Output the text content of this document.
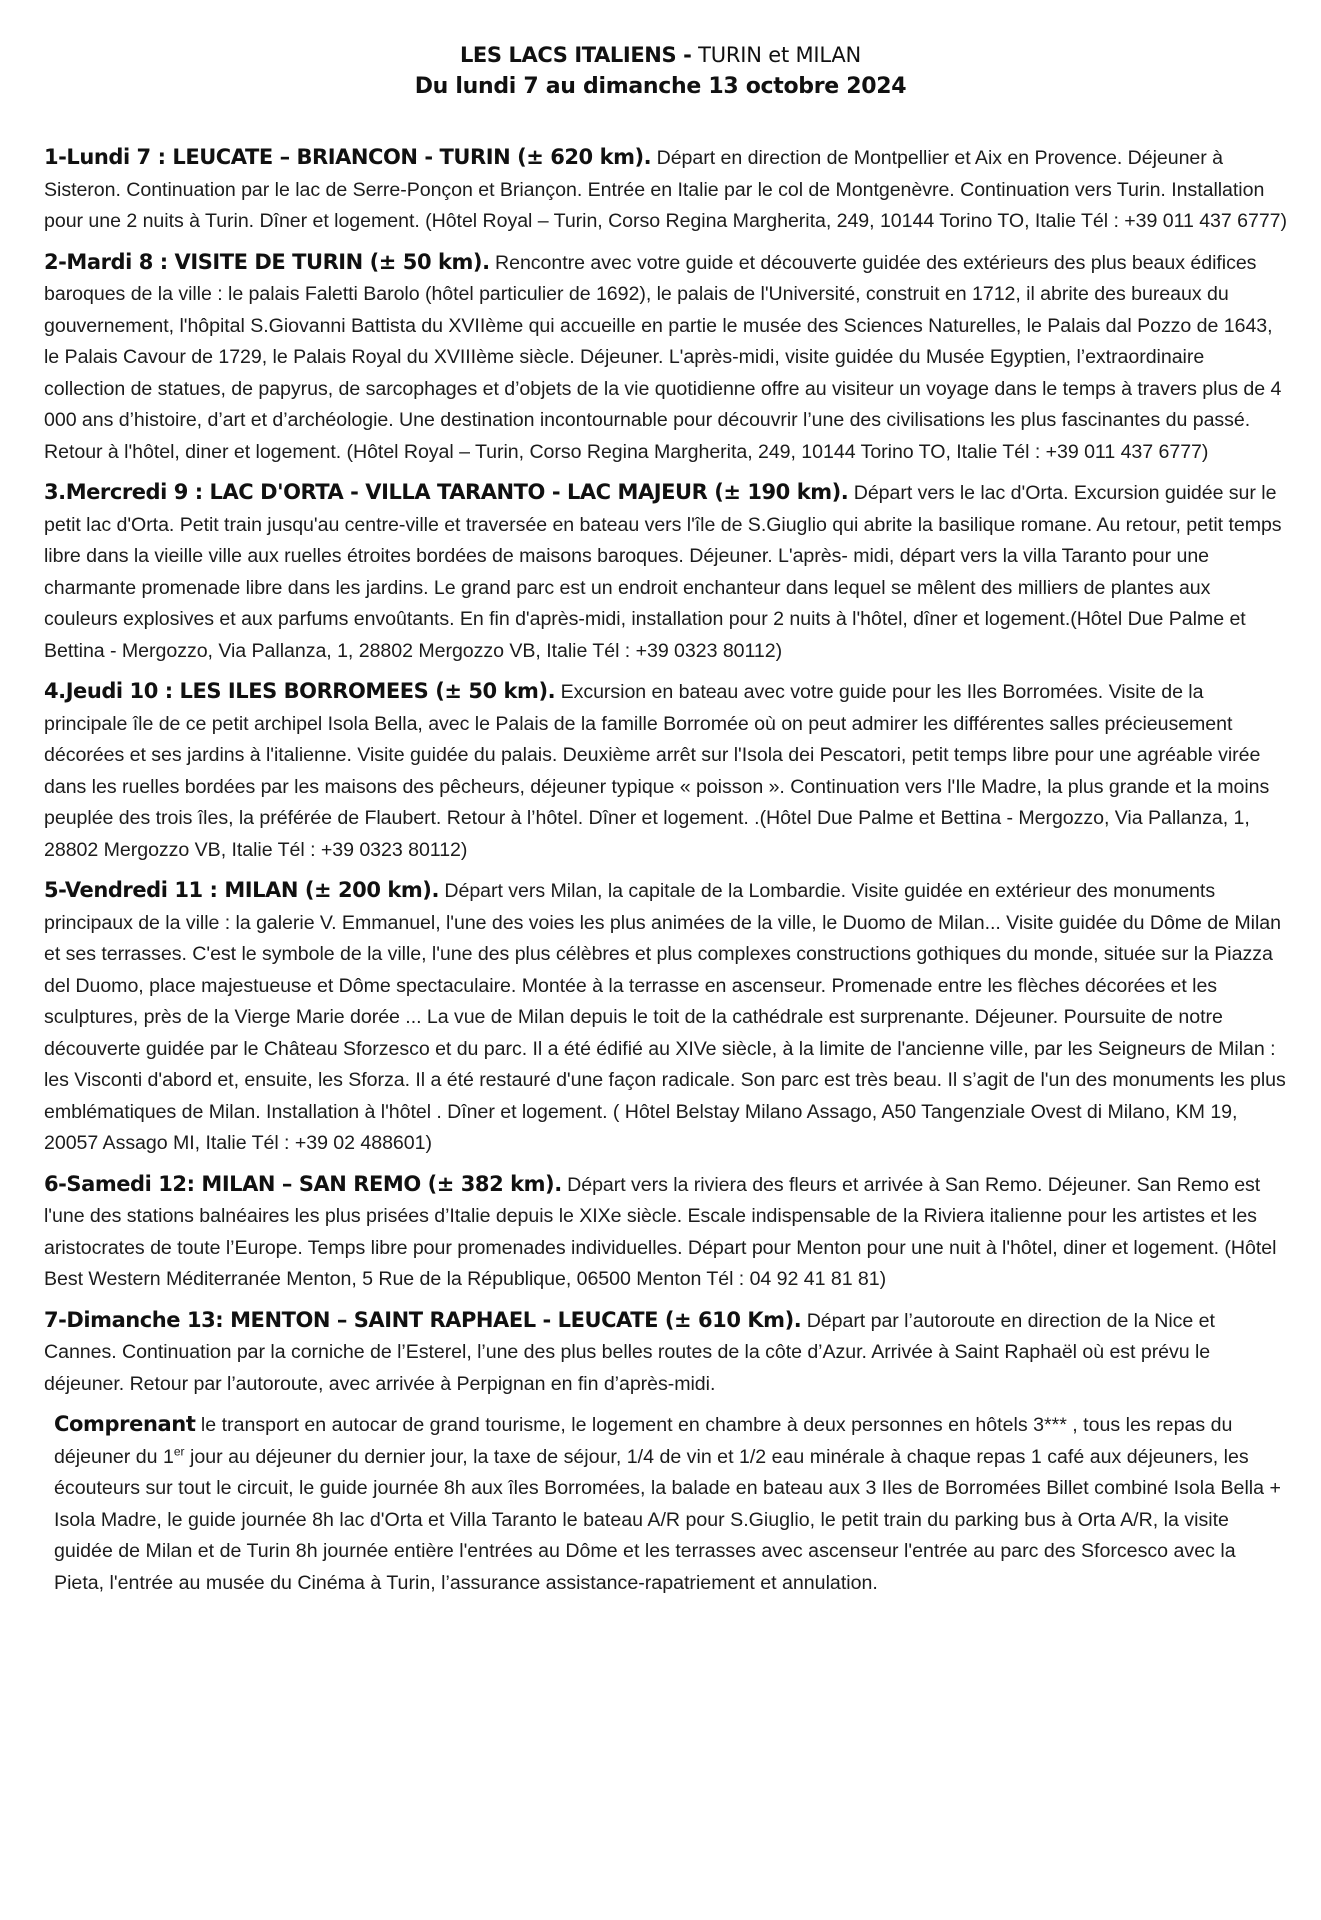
LES LACS ITALIENS - TURIN et MILAN
Du lundi 7 au dimanche 13 octobre 2024

1-Lundi 7 : LEUCATE – BRIANCON - TURIN (± 620 km). Départ en direction de Montpellier et Aix en Provence. Déjeuner à Sisteron. Continuation par le lac de Serre-Ponçon et Briançon. Entrée en Italie par le col de Montgenèvre. Continuation vers Turin. Installation pour une 2 nuits à Turin. Dîner et logement. (Hôtel Royal – Turin, Corso Regina Margherita, 249, 10144 Torino TO, Italie Tél : +39 011 437 6777)

2-Mardi 8 : VISITE DE TURIN (± 50 km). Rencontre avec votre guide et découverte guidée des extérieurs des plus beaux édifices baroques de la ville : le palais Faletti Barolo (hôtel particulier de 1692), le palais de l'Université, construit en 1712, il abrite des bureaux du gouvernement, l'hôpital S.Giovanni Battista du XVIIème qui accueille en partie le musée des Sciences Naturelles, le Palais dal Pozzo de 1643, le Palais Cavour de 1729, le Palais Royal du XVIIIème siècle. Déjeuner. L'après-midi, visite guidée du Musée Egyptien, l’extraordinaire collection de statues, de papyrus, de sarcophages et d’objets de la vie quotidienne offre au visiteur un voyage dans le temps à travers plus de 4 000 ans d’histoire, d’art et d’archéologie. Une destination incontournable pour découvrir l’une des civilisations les plus fascinantes du passé. Retour à l'hôtel, diner et logement. (Hôtel Royal – Turin, Corso Regina Margherita, 249, 10144 Torino TO, Italie Tél : +39 011 437 6777)

3.Mercredi 9 : LAC D'ORTA - VILLA TARANTO - LAC MAJEUR (± 190 km). Départ vers le lac d'Orta. Excursion guidée sur le petit lac d'Orta. Petit train jusqu'au centre-ville et traversée en bateau vers l'île de S.Giuglio qui abrite la basilique romane. Au retour, petit temps libre dans la vieille ville aux ruelles étroites bordées de maisons baroques. Déjeuner. L'après- midi, départ vers la villa Taranto pour une charmante promenade libre dans les jardins. Le grand parc est un endroit enchanteur dans lequel se mêlent des milliers de plantes aux couleurs explosives et aux parfums envoûtants. En fin d'après-midi, installation pour 2 nuits à l'hôtel, dîner et logement.(Hôtel Due Palme et Bettina - Mergozzo, Via Pallanza, 1, 28802 Mergozzo VB, Italie Tél : +39 0323 80112)

4.Jeudi 10 : LES ILES BORROMEES (± 50 km). Excursion en bateau avec votre guide pour les Iles Borromées. Visite de la principale île de ce petit archipel Isola Bella, avec le Palais de la famille Borromée où on peut admirer les différentes salles précieusement décorées et ses jardins à l'italienne. Visite guidée du palais. Deuxième arrêt sur l'Isola dei Pescatori, petit temps libre pour une agréable virée dans les ruelles bordées par les maisons des pêcheurs, déjeuner typique « poisson ». Continuation vers l'Ile Madre, la plus grande et la moins peuplée des trois îles, la préférée de Flaubert. Retour à l’hôtel. Dîner et logement. .(Hôtel Due Palme et Bettina - Mergozzo, Via Pallanza, 1, 28802 Mergozzo VB, Italie Tél : +39 0323 80112)

5-Vendredi 11 : MILAN (± 200 km). Départ vers Milan, la capitale de la Lombardie. Visite guidée en extérieur des monuments principaux de la ville : la galerie V. Emmanuel, l'une des voies les plus animées de la ville, le Duomo de Milan... Visite guidée du Dôme de Milan et ses terrasses. C'est le symbole de la ville, l'une des plus célèbres et plus complexes constructions gothiques du monde, située sur la Piazza del Duomo, place majestueuse et Dôme spectaculaire. Montée à la terrasse en ascenseur. Promenade entre les flèches décorées et les sculptures, près de la Vierge Marie dorée ... La vue de Milan depuis le toit de la cathédrale est surprenante. Déjeuner. Poursuite de notre découverte guidée par le Château Sforzesco et du parc. Il a été édifié au XIVe siècle, à la limite de l'ancienne ville, par les Seigneurs de Milan : les Visconti d'abord et, ensuite, les Sforza. Il a été restauré d'une façon radicale. Son parc est très beau. Il s’agit de l'un des monuments les plus emblématiques de Milan. Installation à l'hôtel . Dîner et logement. ( Hôtel Belstay Milano Assago, A50 Tangenziale Ovest di Milano, KM 19, 20057 Assago MI, Italie Tél : +39 02 488601)

6-Samedi 12: MILAN – SAN REMO (± 382 km). Départ vers la riviera des fleurs et arrivée à San Remo. Déjeuner. San Remo est l'une des stations balnéaires les plus prisées d’Italie depuis le XIXe siècle. Escale indispensable de la Riviera italienne pour les artistes et les aristocrates de toute l’Europe. Temps libre pour promenades individuelles. Départ pour Menton pour une nuit à l'hôtel, diner et logement. (Hôtel Best Western Méditerranée Menton, 5 Rue de la République, 06500 Menton Tél : 04 92 41 81 81)

7-Dimanche 13: MENTON – SAINT RAPHAEL - LEUCATE (± 610 Km). Départ par l’autoroute en direction de la Nice et Cannes. Continuation par la corniche de l’Esterel, l’une des plus belles routes de la côte d’Azur. Arrivée à Saint Raphaël où est prévu le déjeuner. Retour par l’autoroute, avec arrivée à Perpignan en fin d’après-midi.

Comprenant le transport en autocar de grand tourisme, le logement en chambre à deux personnes en hôtels 3*** , tous les repas du déjeuner du 1er jour au déjeuner du dernier jour, la taxe de séjour, 1/4 de vin et 1/2 eau minérale à chaque repas 1 café aux déjeuners, les écouteurs sur tout le circuit, le guide journée 8h aux îles Borromées, la balade en bateau aux 3 Iles de Borromées Billet combiné Isola Bella + Isola Madre, le guide journée 8h lac d'Orta et Villa Taranto le bateau A/R pour S.Giuglio, le petit train du parking bus à Orta A/R, la visite guidée de Milan et de Turin 8h journée entière l'entrées au Dôme et les terrasses avec ascenseur l'entrée au parc des Sforcesco avec la Pieta, l'entrée au musée du Cinéma à Turin, l’assurance assistance-rapatriement et annulation.
